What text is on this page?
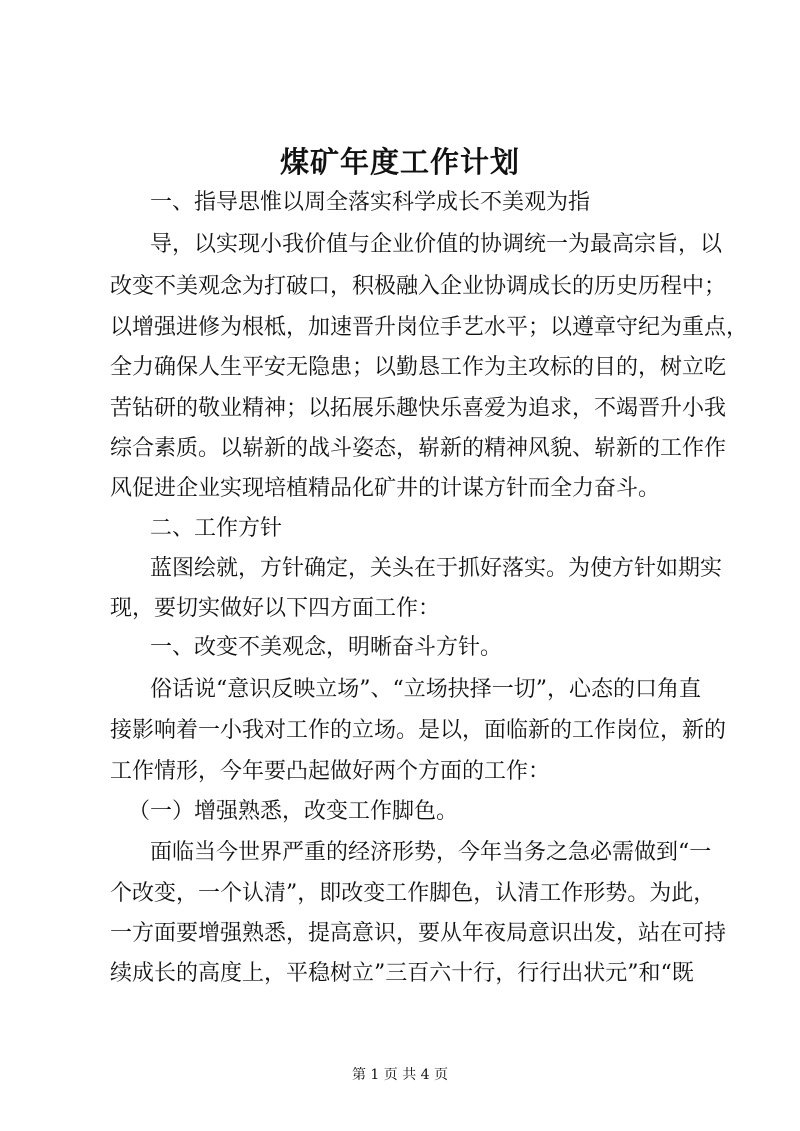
煤矿年度工作计划
一、指导思惟以周全落实科学成长不美观为指
导，以实现小我价值与企业价值的协调统一为最高宗旨，以
改变不美观念为打破口，积极融入企业协调成长的历史历程中；
以增强进修为根柢，加速晋升岗位手艺水平；以遵章守纪为重点，
全力确保人生平安无隐患；以勤恳工作为主攻标的目的，树立吃
苦钻研的敬业精神；以拓展乐趣快乐喜爱为追求，不竭晋升小我
综合素质。以崭新的战斗姿态，崭新的精神风貌、崭新的工作作
风促进企业实现培植精品化矿井的计谋方针而全力奋斗。
二、工作方针
蓝图绘就，方针确定，关头在于抓好落实。为使方针如期实
现，要切实做好以下四方面工作：
一、改变不美观念，明晰奋斗方针。
俗话说“意识反映立场”、“立场抉择一切”，心态的口角直
接影响着一小我对工作的立场。是以，面临新的工作岗位，新的
工作情形，今年要凸起做好两个方面的工作：
（一）增强熟悉，改变工作脚色。
面临当今世界严重的经济形势，今年当务之急必需做到“一
个改变，一个认清”，即改变工作脚色，认清工作形势。为此，
一方面要增强熟悉，提高意识，要从年夜局意识出发，站在可持
续成长的高度上，平稳树立”三百六十行，行行出状元”和“既
第 1 页 共 4 页
